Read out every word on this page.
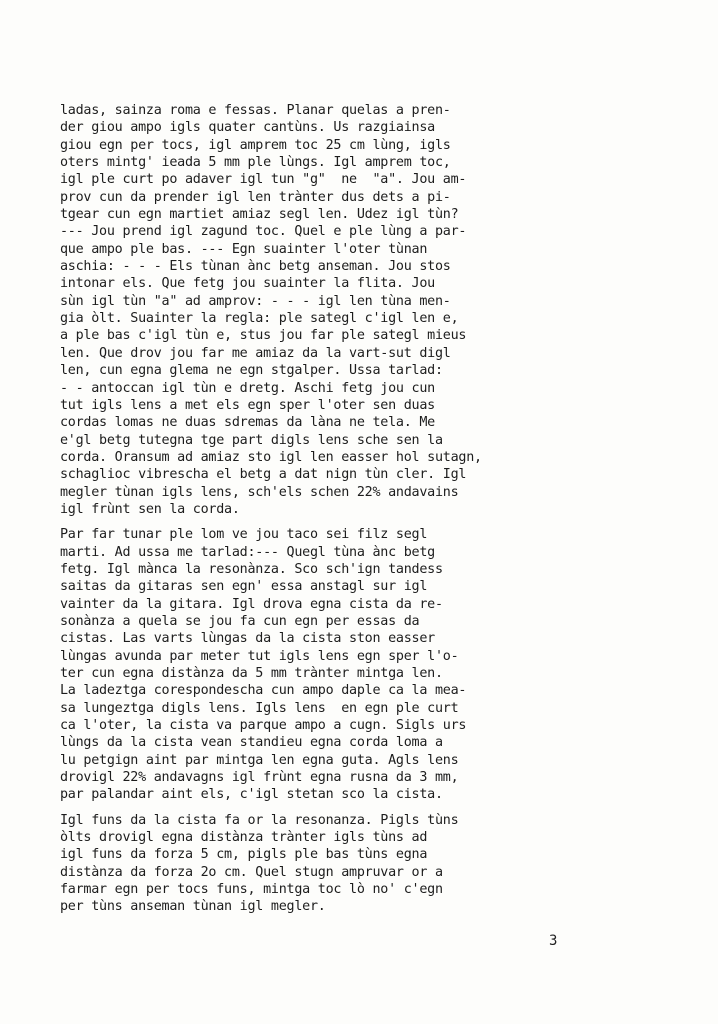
ladas, sainza roma e fessas. Planar quelas a pren-
der giou ampo igls quater cantùns. Us razgiainsa
giou egn per tocs, igl amprem toc 25 cm lùng, igls
oters mintg' ieada 5 mm ple lùngs. Igl amprem toc,
igl ple curt po adaver igl tun "g"  ne  "a". Jou am-
prov cun da prender igl len trànter dus dets a pi-
tgear cun egn martiet amiaz segl len. Udez igl tùn?
--- Jou prend igl zagund toc. Quel e ple lùng a par-
que ampo ple bas. --- Egn suainter l'oter tùnan
aschia: - - - Els tùnan ànc betg anseman. Jou stos
intonar els. Que fetg jou suainter la flita. Jou
sùn igl tùn "a" ad amprov: - - - igl len tùna men-
gia òlt. Suainter la regla: ple sategl c'igl len e,
a ple bas c'igl tùn e, stus jou far ple sategl mieus
len. Que drov jou far me amiaz da la vart-sut digl
len, cun egna glema ne egn stgalper. Ussa tarlad:
- - antoccan igl tùn e dretg. Aschi fetg jou cun
tut igls lens a met els egn sper l'oter sen duas
cordas lomas ne duas sdremas da làna ne tela. Me
e'gl betg tutegna tge part digls lens sche sen la
corda. Oransum ad amiaz sto igl len easser hol sutagn,
schaglioc vibrescha el betg a dat nign tùn cler. Igl
megler tùnan igls lens, sch'els schen 22% andavains
igl frùnt sen la corda.
Par far tunar ple lom ve jou taco sei filz segl
marti. Ad ussa me tarlad:--- Quegl tùna ànc betg
fetg. Igl mànca la resonànza. Sco sch'ign tandess
saitas da gitaras sen egn' essa anstagl sur igl
vainter da la gitara. Igl drova egna cista da re-
sonànza a quela se jou fa cun egn per essas da
cistas. Las varts lùngas da la cista ston easser
lùngas avunda par meter tut igls lens egn sper l'o-
ter cun egna distànza da 5 mm trànter mintga len.
La ladeztga corespondescha cun ampo daple ca la mea-
sa lungeztga digls lens. Igls lens  en egn ple curt
ca l'oter, la cista va parque ampo a cugn. Sigls urs
lùngs da la cista vean standieu egna corda loma a
lu petgign aint par mintga len egna guta. Agls lens
drovigl 22% andavagns igl frùnt egna rusna da 3 mm,
par palandar aint els, c'igl stetan sco la cista.
Igl funs da la cista fa or la resonanza. Pigls tùns
òlts drovigl egna distànza trànter igls tùns ad
igl funs da forza 5 cm, pigls ple bas tùns egna
distànza da forza 2o cm. Quel stugn ampruvar or a
farmar egn per tocs funs, mintga toc lò no' c'egn
per tùns anseman tùnan igl megler.
3
